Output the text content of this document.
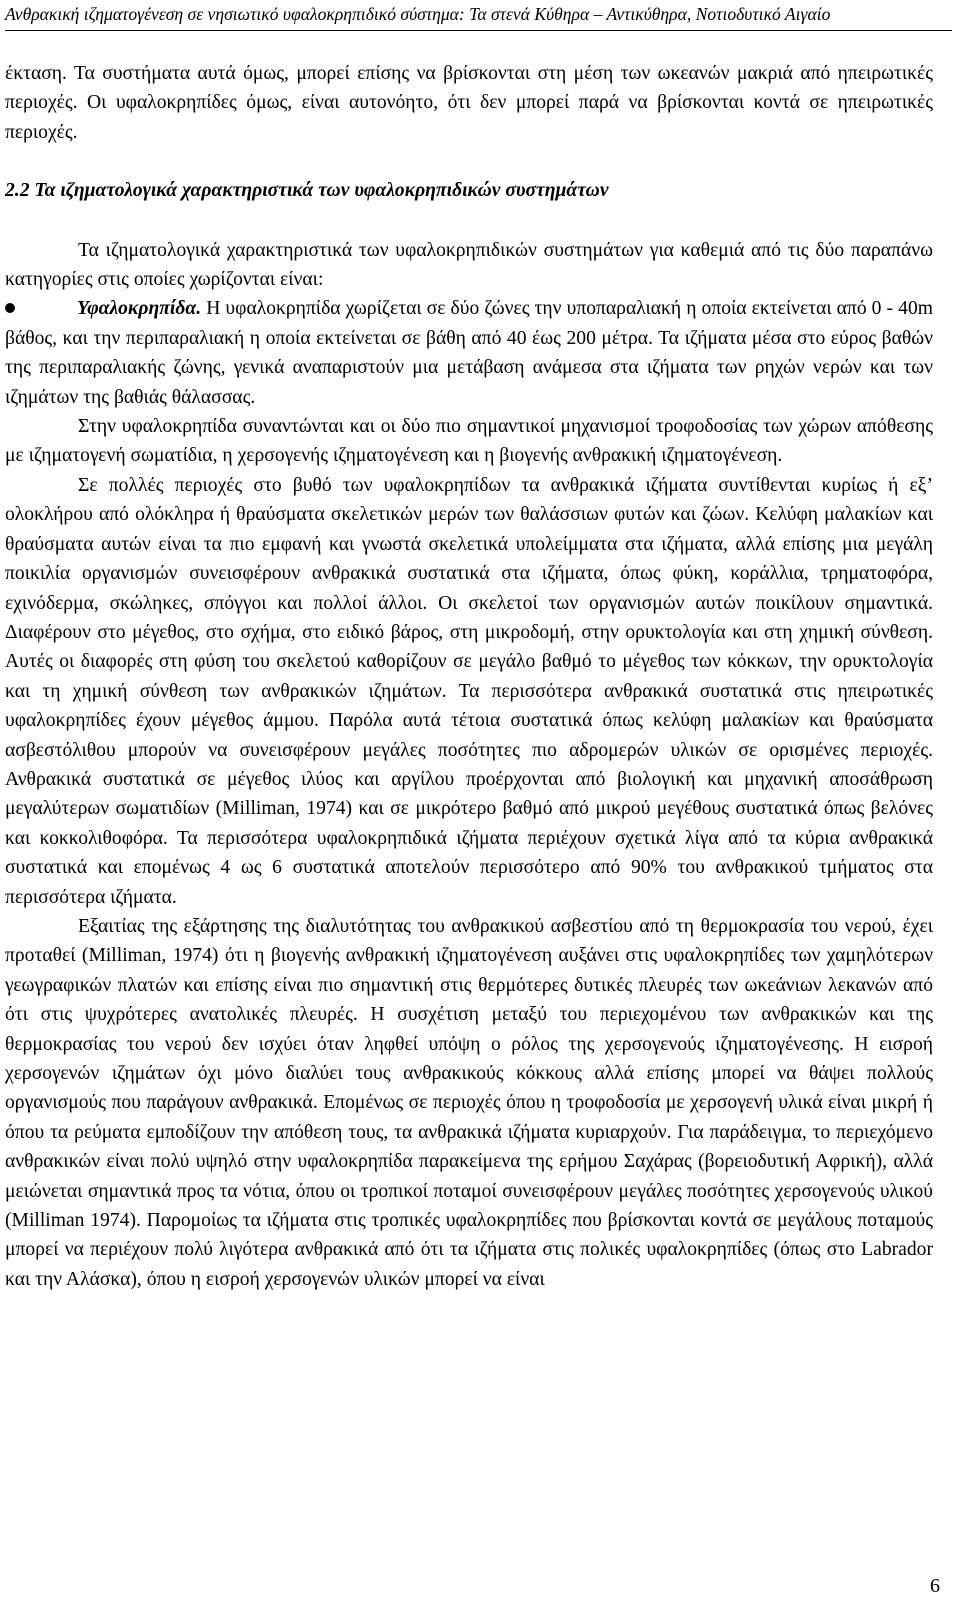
Ανθρακική ιζηματογένεση σε νησιωτικό υφαλοκρηπιδικό σύστημα: Τα στενά Κύθηρα – Αντικύθηρα, Νοτιοδυτικό Αιγαίο

έκταση. Τα συστήματα αυτά όμως, μπορεί επίσης να βρίσκονται στη μέση των ωκεανών μακριά από ηπειρωτικές περιοχές. Οι υφαλοκρηπίδες όμως, είναι αυτονόητο, ότι δεν μπορεί παρά να βρίσκονται κοντά σε ηπειρωτικές περιοχές.

2.2 Τα ιζηματολογικά χαρακτηριστικά των υφαλοκρηπιδικών συστημάτων

Τα ιζηματολογικά χαρακτηριστικά των υφαλοκρηπιδικών συστημάτων για καθεμιά από τις δύο παραπάνω κατηγορίες στις οποίες χωρίζονται είναι:

Υφαλοκρηπίδα. Η υφαλοκρηπίδα χωρίζεται σε δύο ζώνες την υποπαραλιακή η οποία εκτείνεται από 0 - 40m βάθος, και την περιπαραλιακή η οποία εκτείνεται σε βάθη από 40 έως 200 μέτρα. Τα ιζήματα μέσα στο εύρος βαθών της περιπαραλιακής ζώνης, γενικά αναπαριστούν μια μετάβαση ανάμεσα στα ιζήματα των ρηχών νερών και των ιζημάτων της βαθιάς θάλασσας.

Στην υφαλοκρηπίδα συναντώνται και οι δύο πιο σημαντικοί μηχανισμοί τροφοδοσίας των χώρων απόθεσης με ιζηματογενή σωματίδια, η χερσογενής ιζηματογένεση και η βιογενής ανθρακική ιζηματογένεση.

Σε πολλές περιοχές στο βυθό των υφαλοκρηπίδων τα ανθρακικά ιζήματα συντίθενται κυρίως ή εξ’ ολοκλήρου από ολόκληρα ή θραύσματα σκελετικών μερών των θαλάσσιων φυτών και ζώων. Κελύφη μαλακίων και θραύσματα αυτών είναι τα πιο εμφανή και γνωστά σκελετικά υπολείμματα στα ιζήματα, αλλά επίσης μια μεγάλη ποικιλία οργανισμών συνεισφέρουν ανθρακικά συστατικά στα ιζήματα, όπως φύκη, κοράλλια, τρηματοφόρα, εχινόδερμα, σκώληκες, σπόγγοι και πολλοί άλλοι. Οι σκελετοί των οργανισμών αυτών ποικίλουν σημαντικά. Διαφέρουν στο μέγεθος, στο σχήμα, στο ειδικό βάρος, στη μικροδομή, στην ορυκτολογία και στη χημική σύνθεση. Αυτές οι διαφορές στη φύση του σκελετού καθορίζουν σε μεγάλο βαθμό το μέγεθος των κόκκων, την ορυκτολογία και τη χημική σύνθεση των ανθρακικών ιζημάτων. Τα περισσότερα ανθρακικά συστατικά στις ηπειρωτικές υφαλοκρηπίδες έχουν μέγεθος άμμου. Παρόλα αυτά τέτοια συστατικά όπως κελύφη μαλακίων και θραύσματα ασβεστόλιθου μπορούν να συνεισφέρουν μεγάλες ποσότητες πιο αδρομερών υλικών σε ορισμένες περιοχές. Ανθρακικά συστατικά σε μέγεθος ιλύος και αργίλου προέρχονται από βιολογική και μηχανική αποσάθρωση μεγαλύτερων σωματιδίων (Milliman, 1974) και σε μικρότερο βαθμό από μικρού μεγέθους συστατικά όπως βελόνες και κοκκολιθοφόρα. Τα περισσότερα υφαλοκρηπιδικά ιζήματα περιέχουν σχετικά λίγα από τα κύρια ανθρακικά συστατικά και επομένως 4 ως 6 συστατικά αποτελούν περισσότερο από 90% του ανθρακικού τμήματος στα περισσότερα ιζήματα.

Εξαιτίας της εξάρτησης της διαλυτότητας του ανθρακικού ασβεστίου από τη θερμοκρασία του νερού, έχει προταθεί (Milliman, 1974) ότι η βιογενής ανθρακική ιζηματογένεση αυξάνει στις υφαλοκρηπίδες των χαμηλότερων γεωγραφικών πλατών και επίσης είναι πιο σημαντική στις θερμότερες δυτικές πλευρές των ωκεάνιων λεκανών από ότι στις ψυχρότερες ανατολικές πλευρές. Η συσχέτιση μεταξύ του περιεχομένου των ανθρακικών και της θερμοκρασίας του νερού δεν ισχύει όταν ληφθεί υπόψη ο ρόλος της χερσογενούς ιζηματογένεσης. Η εισροή χερσογενών ιζημάτων όχι μόνο διαλύει τους ανθρακικούς κόκκους αλλά επίσης μπορεί να θάψει πολλούς οργανισμούς που παράγουν ανθρακικά. Επομένως σε περιοχές όπου η τροφοδοσία με χερσογενή υλικά είναι μικρή ή όπου τα ρεύματα εμποδίζουν την απόθεση τους, τα ανθρακικά ιζήματα κυριαρχούν. Για παράδειγμα, το περιεχόμενο ανθρακικών είναι πολύ υψηλό στην υφαλοκρηπίδα παρακείμενα της ερήμου Σαχάρας (βορειοδυτική Αφρική), αλλά μειώνεται σημαντικά προς τα νότια, όπου οι τροπικοί ποταμοί συνεισφέρουν μεγάλες ποσότητες χερσογενούς υλικού (Milliman 1974). Παρομοίως τα ιζήματα στις τροπικές υφαλοκρηπίδες που βρίσκονται κοντά σε μεγάλους ποταμούς μπορεί να περιέχουν πολύ λιγότερα ανθρακικά από ότι τα ιζήματα στις πολικές υφαλοκρηπίδες (όπως στο Labrador και την Αλάσκα), όπου η εισροή χερσογενών υλικών μπορεί να είναι

6
